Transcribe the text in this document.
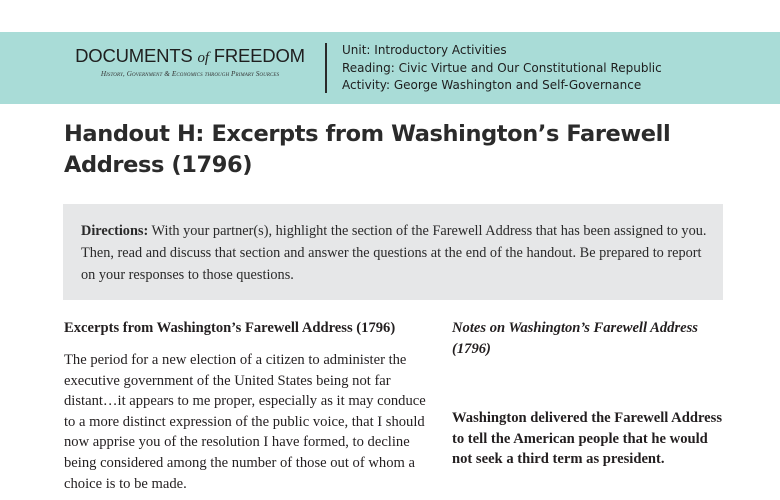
DOCUMENTS of FREEDOM
History, Government & Economics through Primary Sources
Unit: Introductory Activities
Reading: Civic Virtue and Our Constitutional Republic
Activity: George Washington and Self-Governance
Handout H: Excerpts from Washington’s Farewell Address (1796)
Directions: With your partner(s), highlight the section of the Farewell Address that has been assigned to you. Then, read and discuss that section and answer the questions at the end of the handout. Be prepared to report on your responses to those questions.
Excerpts from Washington’s Farewell Address (1796)

The period for a new election of a citizen to administer the executive government of the United States being not far distant…it appears to me proper, especially as it may conduce to a more distinct expression of the public voice, that I should now apprise you of the resolution I have formed, to decline being considered among the number of those out of whom a choice is to be made.

Notes on Washington’s Farewell Address (1796)

Washington delivered the Farewell Address to tell the American people that he would not seek a third term as president.
